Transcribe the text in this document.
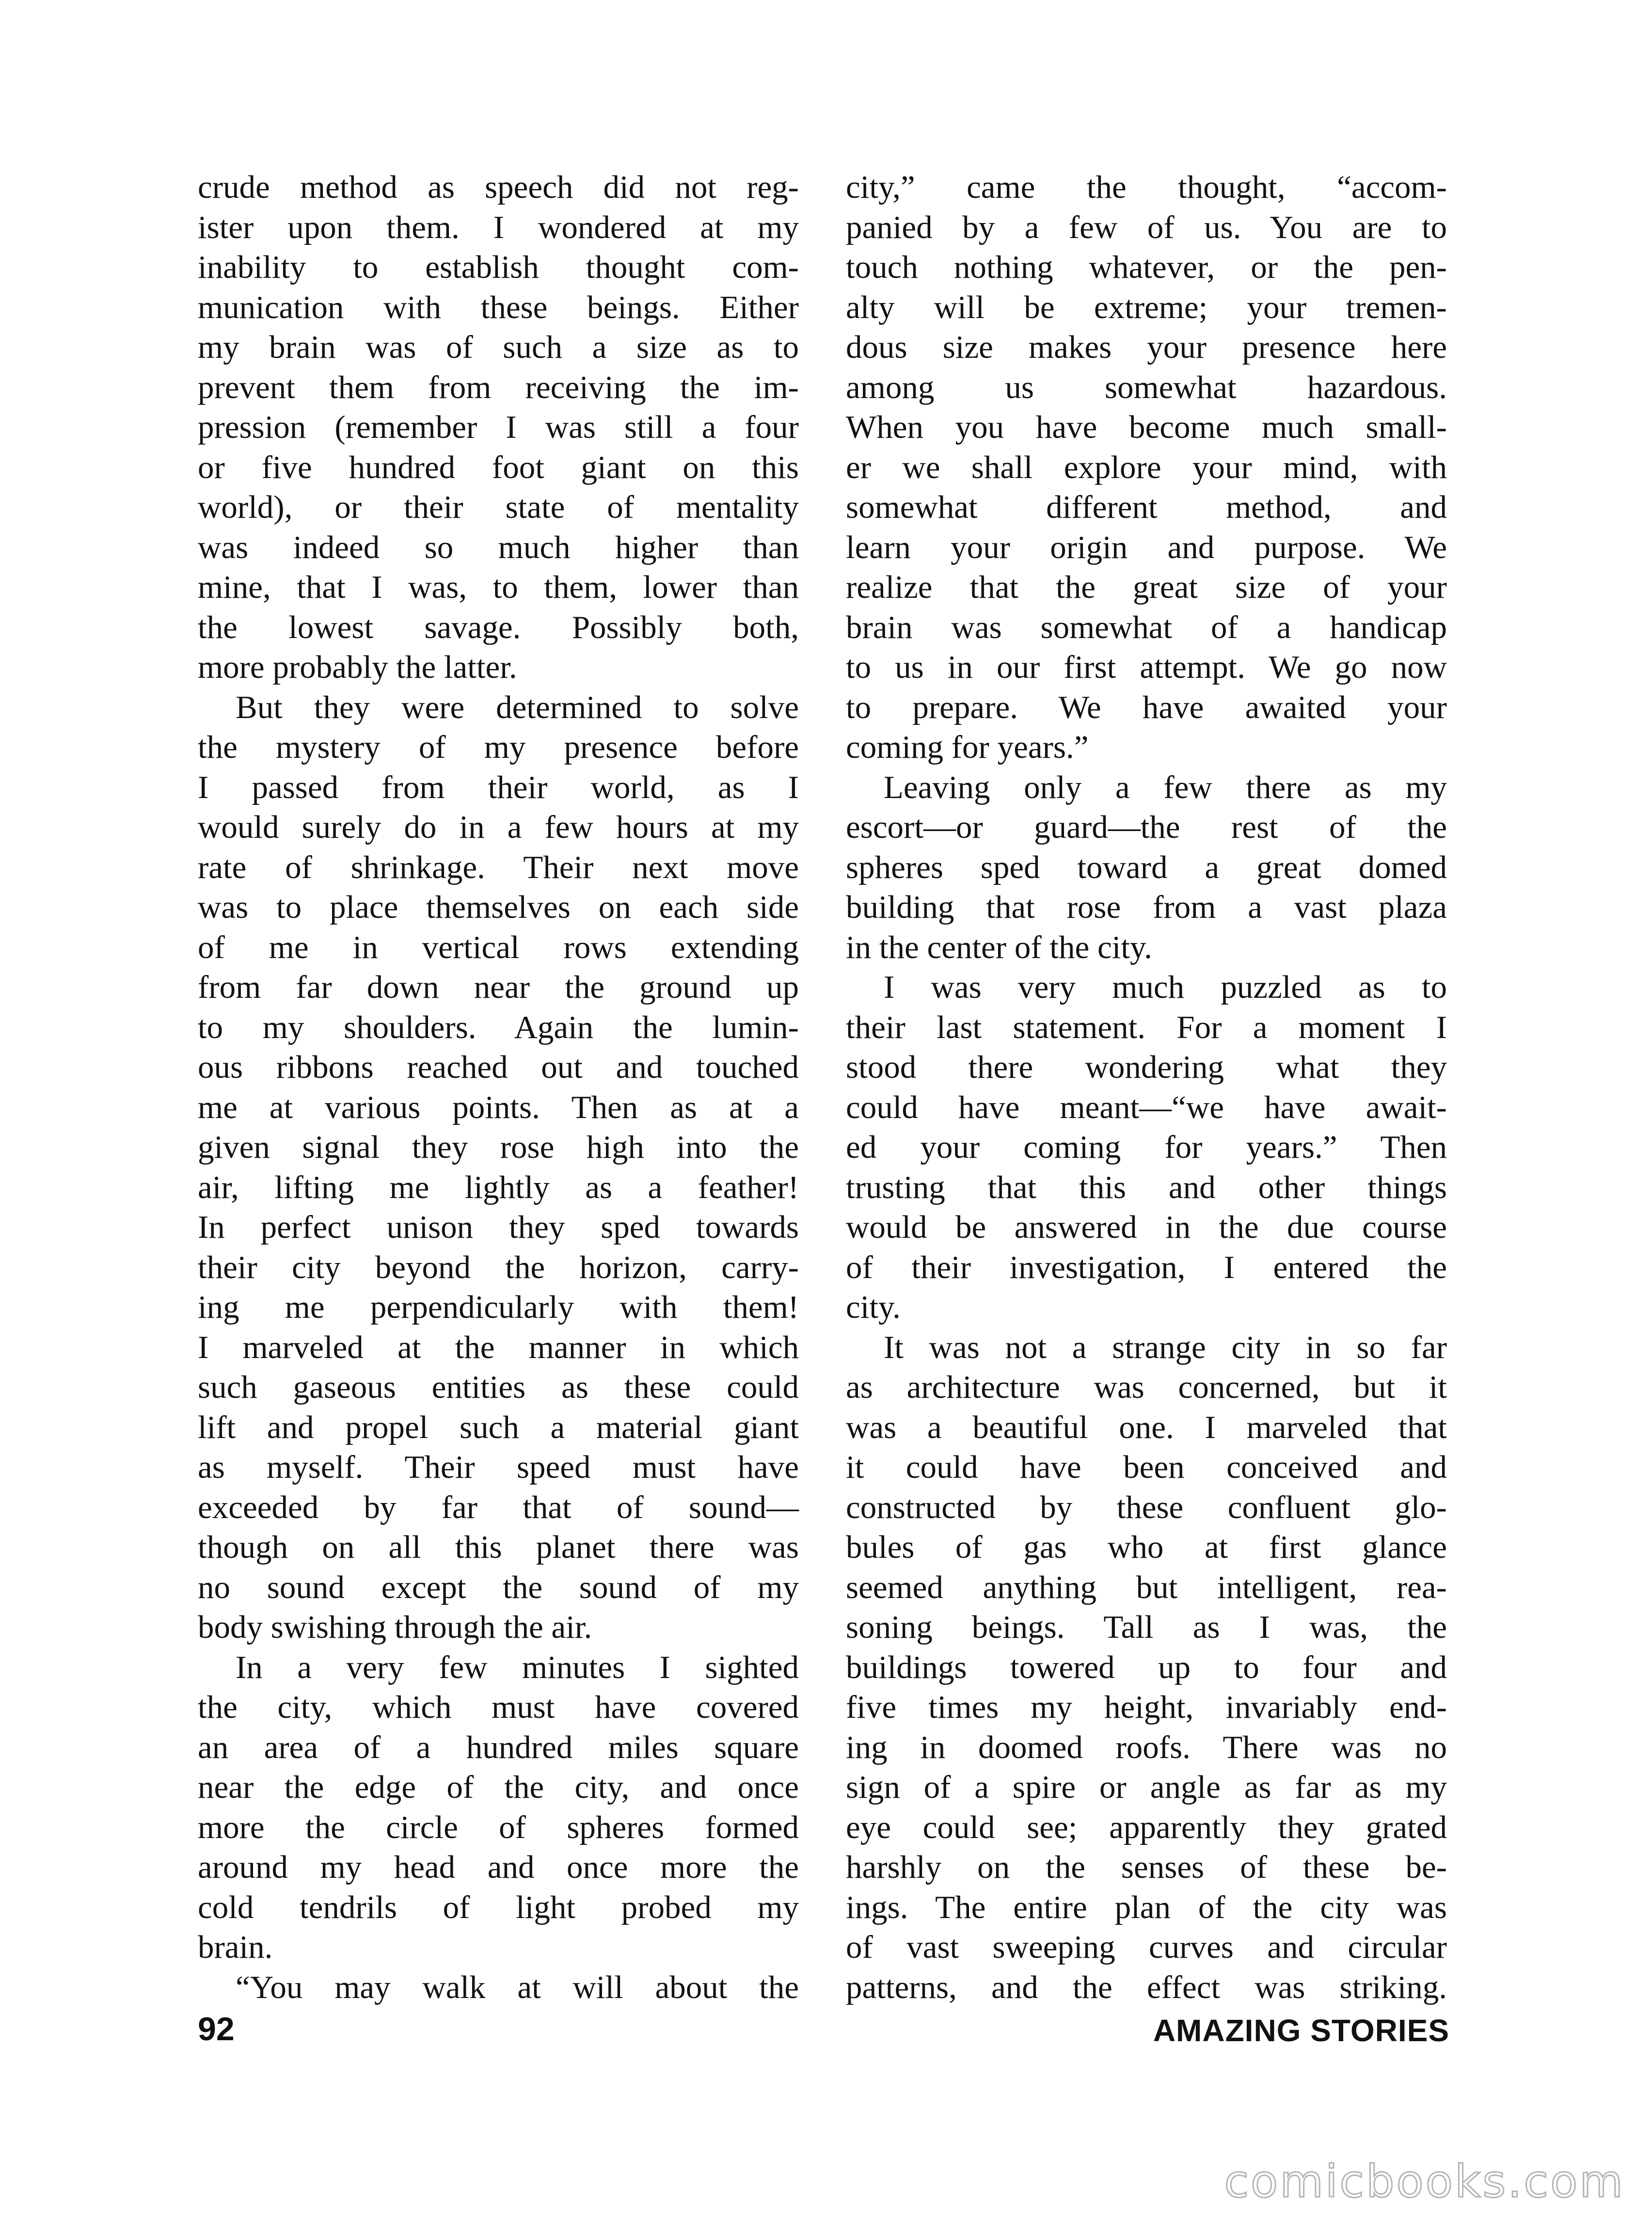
crude method as speech did not reg-
ister upon them. I wondered at my
inability to establish thought com-
munication with these beings. Either
my brain was of such a size as to
prevent them from receiving the im-
pression (remember I was still a four
or five hundred foot giant on this
world), or their state of mentality
was indeed so much higher than
mine, that I was, to them, lower than
the lowest savage. Possibly both,
more probably the latter.
But they were determined to solve
the mystery of my presence before
I passed from their world, as I
would surely do in a few hours at my
rate of shrinkage. Their next move
was to place themselves on each side
of me in vertical rows extending
from far down near the ground up
to my shoulders. Again the lumin-
ous ribbons reached out and touched
me at various points. Then as at a
given signal they rose high into the
air, lifting me lightly as a feather!
In perfect unison they sped towards
their city beyond the horizon, carry-
ing me perpendicularly with them!
I marveled at the manner in which
such gaseous entities as these could
lift and propel such a material giant
as myself. Their speed must have
exceeded by far that of sound—
though on all this planet there was
no sound except the sound of my
body swishing through the air.
In a very few minutes I sighted
the city, which must have covered
an area of a hundred miles square
near the edge of the city, and once
more the circle of spheres formed
around my head and once more the
cold tendrils of light probed my
brain.
“You may walk at will about the
city,” came the thought, “accom-
panied by a few of us. You are to
touch nothing whatever, or the pen-
alty will be extreme; your tremen-
dous size makes your presence here
among us somewhat hazardous.
When you have become much small-
er we shall explore your mind, with
somewhat different method, and
learn your origin and purpose. We
realize that the great size of your
brain was somewhat of a handicap
to us in our first attempt. We go now
to prepare. We have awaited your
coming for years.”
Leaving only a few there as my
escort—or guard—the rest of the
spheres sped toward a great domed
building that rose from a vast plaza
in the center of the city.
I was very much puzzled as to
their last statement. For a moment I
stood there wondering what they
could have meant—“we have await-
ed your coming for years.” Then
trusting that this and other things
would be answered in the due course
of their investigation, I entered the
city.
It was not a strange city in so far
as architecture was concerned, but it
was a beautiful one. I marveled that
it could have been conceived and
constructed by these confluent glo-
bules of gas who at first glance
seemed anything but intelligent, rea-
soning beings. Tall as I was, the
buildings towered up to four and
five times my height, invariably end-
ing in doomed roofs. There was no
sign of a spire or angle as far as my
eye could see; apparently they grated
harshly on the senses of these be-
ings. The entire plan of the city was
of vast sweeping curves and circular
patterns, and the effect was striking.
92	AMAZING STORIES
comicbooks.com
